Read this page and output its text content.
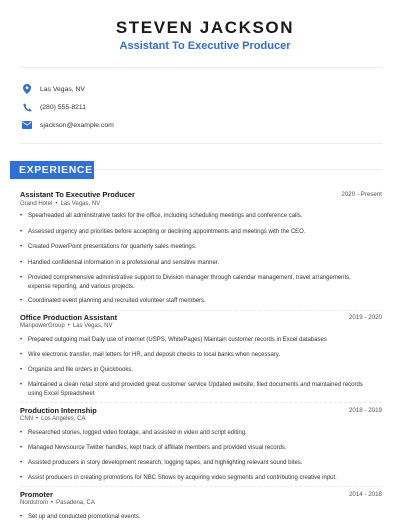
STEVEN JACKSON
Assistant To Executive Producer
Las Vegas, NV
(280) 555-8211
sjackson@example.com
EXPERIENCE
Assistant To Executive Producer	2020 - Present
Grand Hotel • Las Vegas, NV
• Spearheaded all administrative tasks for the office, including scheduling meetings and conference calls.
• Assessed urgency and priorities before accepting or declining appointments and meetings with the CEO.
• Created PowerPoint presentations for quarterly sales meetings.
• Handled confidential information in a professional and sensitive manner.
• Provided comprehensive administrative support to Division manager through calendar management, travel arrangements,
expense reporting, and various projects.
• Coordinated event planning and recruited volunteer staff members.
Office Production Assistant	2019 - 2020
ManpowerGroup • Las Vegas, NV
• Prepared outgoing mail Daily use of internet (USPS, WhitePages) Maintain customer records in Excel databases
• Wire electronic transfer, mail letters for HR, and deposit checks to local banks when necessary.
• Organize and file orders in Quickbooks.
• Maintained a clean retail store and provided great customer service Updated website, filed documents and maintained records
using Excel Spreadsheet
Production Internship	2018 - 2019
CNN • Los Angeles, CA
• Researched stories, logged video footage, and assisted in video and script editing.
• Managed Newsource Twitter handles, kept track of affiliate members and provided visual records.
• Assisted producers in story development research, logging tapes, and highlighting relevant sound bites.
• Assist producers in creating promotions for NBC Shows by acquiring video segments and contributing creative input.
Promoter	2014 - 2018
Nordstrom • Pasadena, CA
• Set up and conducted promotional events.
